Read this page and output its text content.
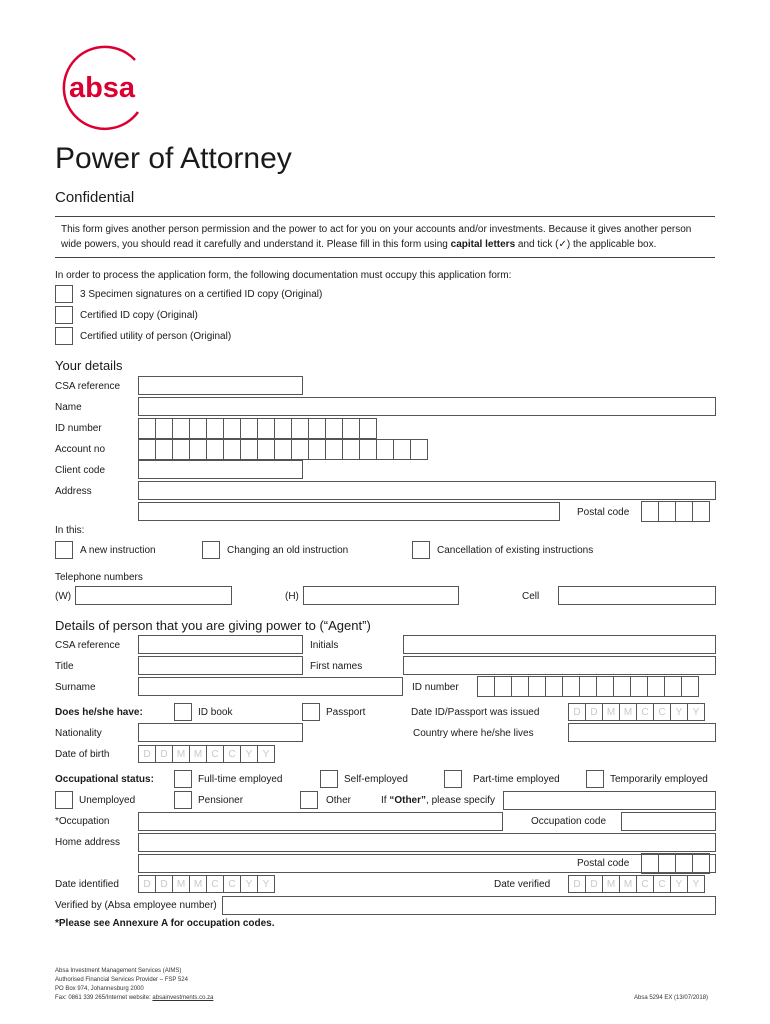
absa
Power of Attorney
Confidential
This form gives another person permission and the power to act for you on your accounts and/or investments. Because it gives another person
wide powers, you should read it carefully and understand it. Please fill in this form using capital letters and tick (✓) the applicable box.
In order to process the application form, the following documentation must occupy this application form:
3 Specimen signatures on a certified ID copy (Original)
Certified ID copy (Original)
Certified utility of person (Original)
Your details
CSA reference
Name
ID number
Account no
Client code
Address
Postal code
In this:
A new instruction	Changing an old instruction	Cancellation of existing instructions
Telephone numbers
(W)	(H)	Cell
Details of person that you are giving power to (“Agent”)
CSA reference	Initials
Title	First names
Surname	ID number
Does he/she have:	ID book	Passport	Date ID/Passport was issued	D D M M C C	Y	Y
Nationality	Country where he/she lives
Date of birth	D D M M C C	Y	Y
Occupational status:	Full-time employed	Self-employed	Part-time employed	Temporarily employed
Unemployed	Pensioner	Other	If “Other”, please specify
*Occupation	Occupation code
Home address
Postal code
Date identified	D D M M C C	Y	Y	Date verified	D D M M C C	Y	Y
Verified by (Absa employee number)
*Please see Annexure A for occupation codes.
Absa Investment Management Services (AIMS)
Authorised Financial Services Provider – FSP 524
PO Box 974, Johannesburg 2000
Fax: 0861 339 265/Internet website: absainvestments.co.za	Absa 5294 EX (13/07/2018)
